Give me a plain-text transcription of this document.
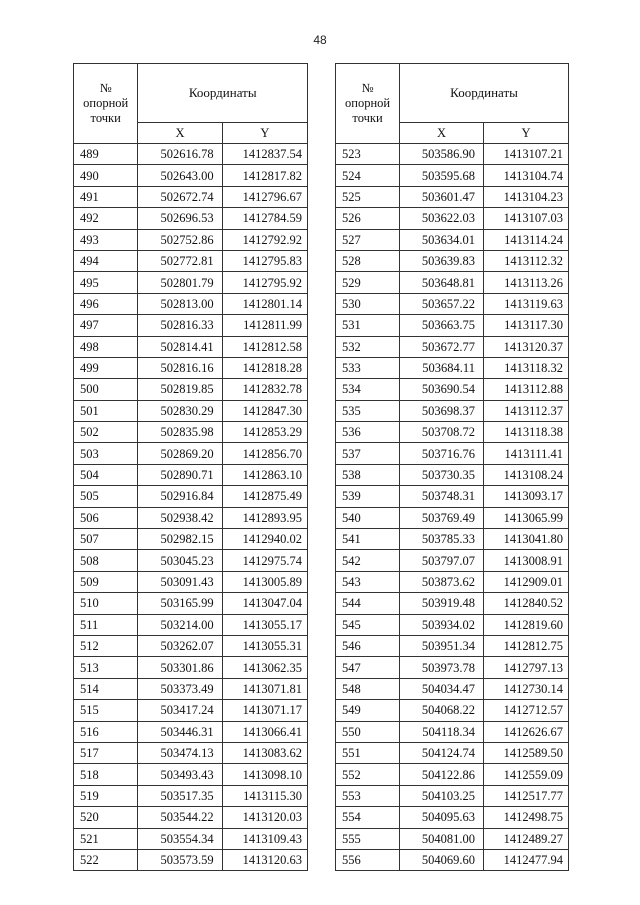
48
№
опорной
точки	Координаты	
	X	Y
489	502616.78	1412837.54
490	502643.00	1412817.82
491	502672.74	1412796.67
492	502696.53	1412784.59
493	502752.86	1412792.92
494	502772.81	1412795.83
495	502801.79	1412795.92
496	502813.00	1412801.14
497	502816.33	1412811.99
498	502814.41	1412812.58
499	502816.16	1412818.28
500	502819.85	1412832.78
501	502830.29	1412847.30
502	502835.98	1412853.29
503	502869.20	1412856.70
504	502890.71	1412863.10
505	502916.84	1412875.49
506	502938.42	1412893.95
507	502982.15	1412940.02
508	503045.23	1412975.74
509	503091.43	1413005.89
510	503165.99	1413047.04
511	503214.00	1413055.17
512	503262.07	1413055.31
513	503301.86	1413062.35
514	503373.49	1413071.81
515	503417.24	1413071.17
516	503446.31	1413066.41
517	503474.13	1413083.62
518	503493.43	1413098.10
519	503517.35	1413115.30
520	503544.22	1413120.03
521	503554.34	1413109.43
522	503573.59	1413120.63
№
опорной
точки	Координаты	
	X	Y
523	503586.90	1413107.21
524	503595.68	1413104.74
525	503601.47	1413104.23
526	503622.03	1413107.03
527	503634.01	1413114.24
528	503639.83	1413112.32
529	503648.81	1413113.26
530	503657.22	1413119.63
531	503663.75	1413117.30
532	503672.77	1413120.37
533	503684.11	1413118.32
534	503690.54	1413112.88
535	503698.37	1413112.37
536	503708.72	1413118.38
537	503716.76	1413111.41
538	503730.35	1413108.24
539	503748.31	1413093.17
540	503769.49	1413065.99
541	503785.33	1413041.80
542	503797.07	1413008.91
543	503873.62	1412909.01
544	503919.48	1412840.52
545	503934.02	1412819.60
546	503951.34	1412812.75
547	503973.78	1412797.13
548	504034.47	1412730.14
549	504068.22	1412712.57
550	504118.34	1412626.67
551	504124.74	1412589.50
552	504122.86	1412559.09
553	504103.25	1412517.77
554	504095.63	1412498.75
555	504081.00	1412489.27
556	504069.60	1412477.94
